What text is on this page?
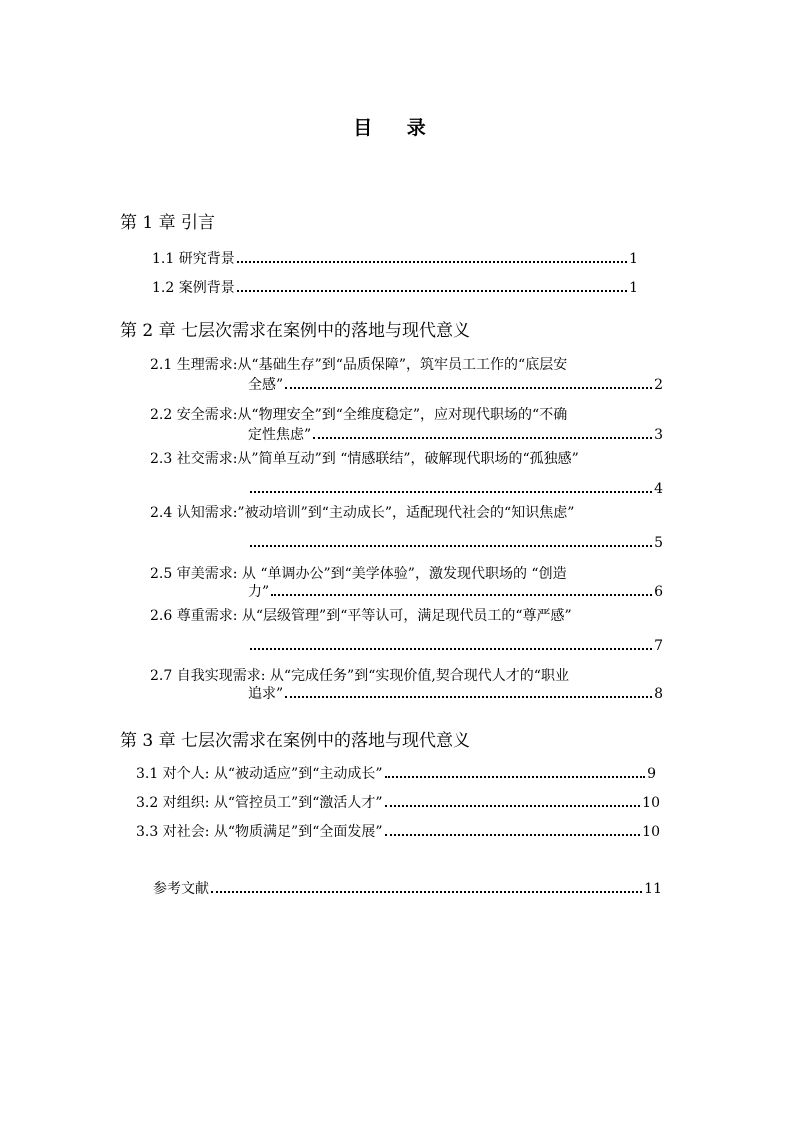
目 录
第 1 章 引言
1.1 研究背景	1
1.2 案例背景	1
第 2 章 七层次需求在案例中的落地与现代意义
2.1 生理需求:从“基础生存”到“品质保障”，筑牢员工工作的“底层安
全感”	2
2.2 安全需求:从“物理安全”到“全维度稳定”，应对现代职场的“不确
定性焦虑”	3
2.3 社交需求:从”简单互动”到 “情感联结”，破解现代职场的“孤独感”
4
2.4 认知需求:”被动培训”到“主动成长”，适配现代社会的“知识焦虑”
5
2.5 审美需求: 从 “单调办公”到“美学体验”，激发现代职场的 “创造
力”	6
2.6 尊重需求: 从“层级管理”到“平等认可，满足现代员工的“尊严感”
7
2.7 自我实现需求: 从“完成任务”到“实现价值,契合现代人才的“职业
追求”	8
第 3 章 七层次需求在案例中的落地与现代意义
3.1 对个人: 从“被动适应”到“主动成长”	9
3.2 对组织: 从“管控员工”到“激活人才”	10
3.3 对社会: 从“物质满足”到“全面发展”	10
参考文献	11
